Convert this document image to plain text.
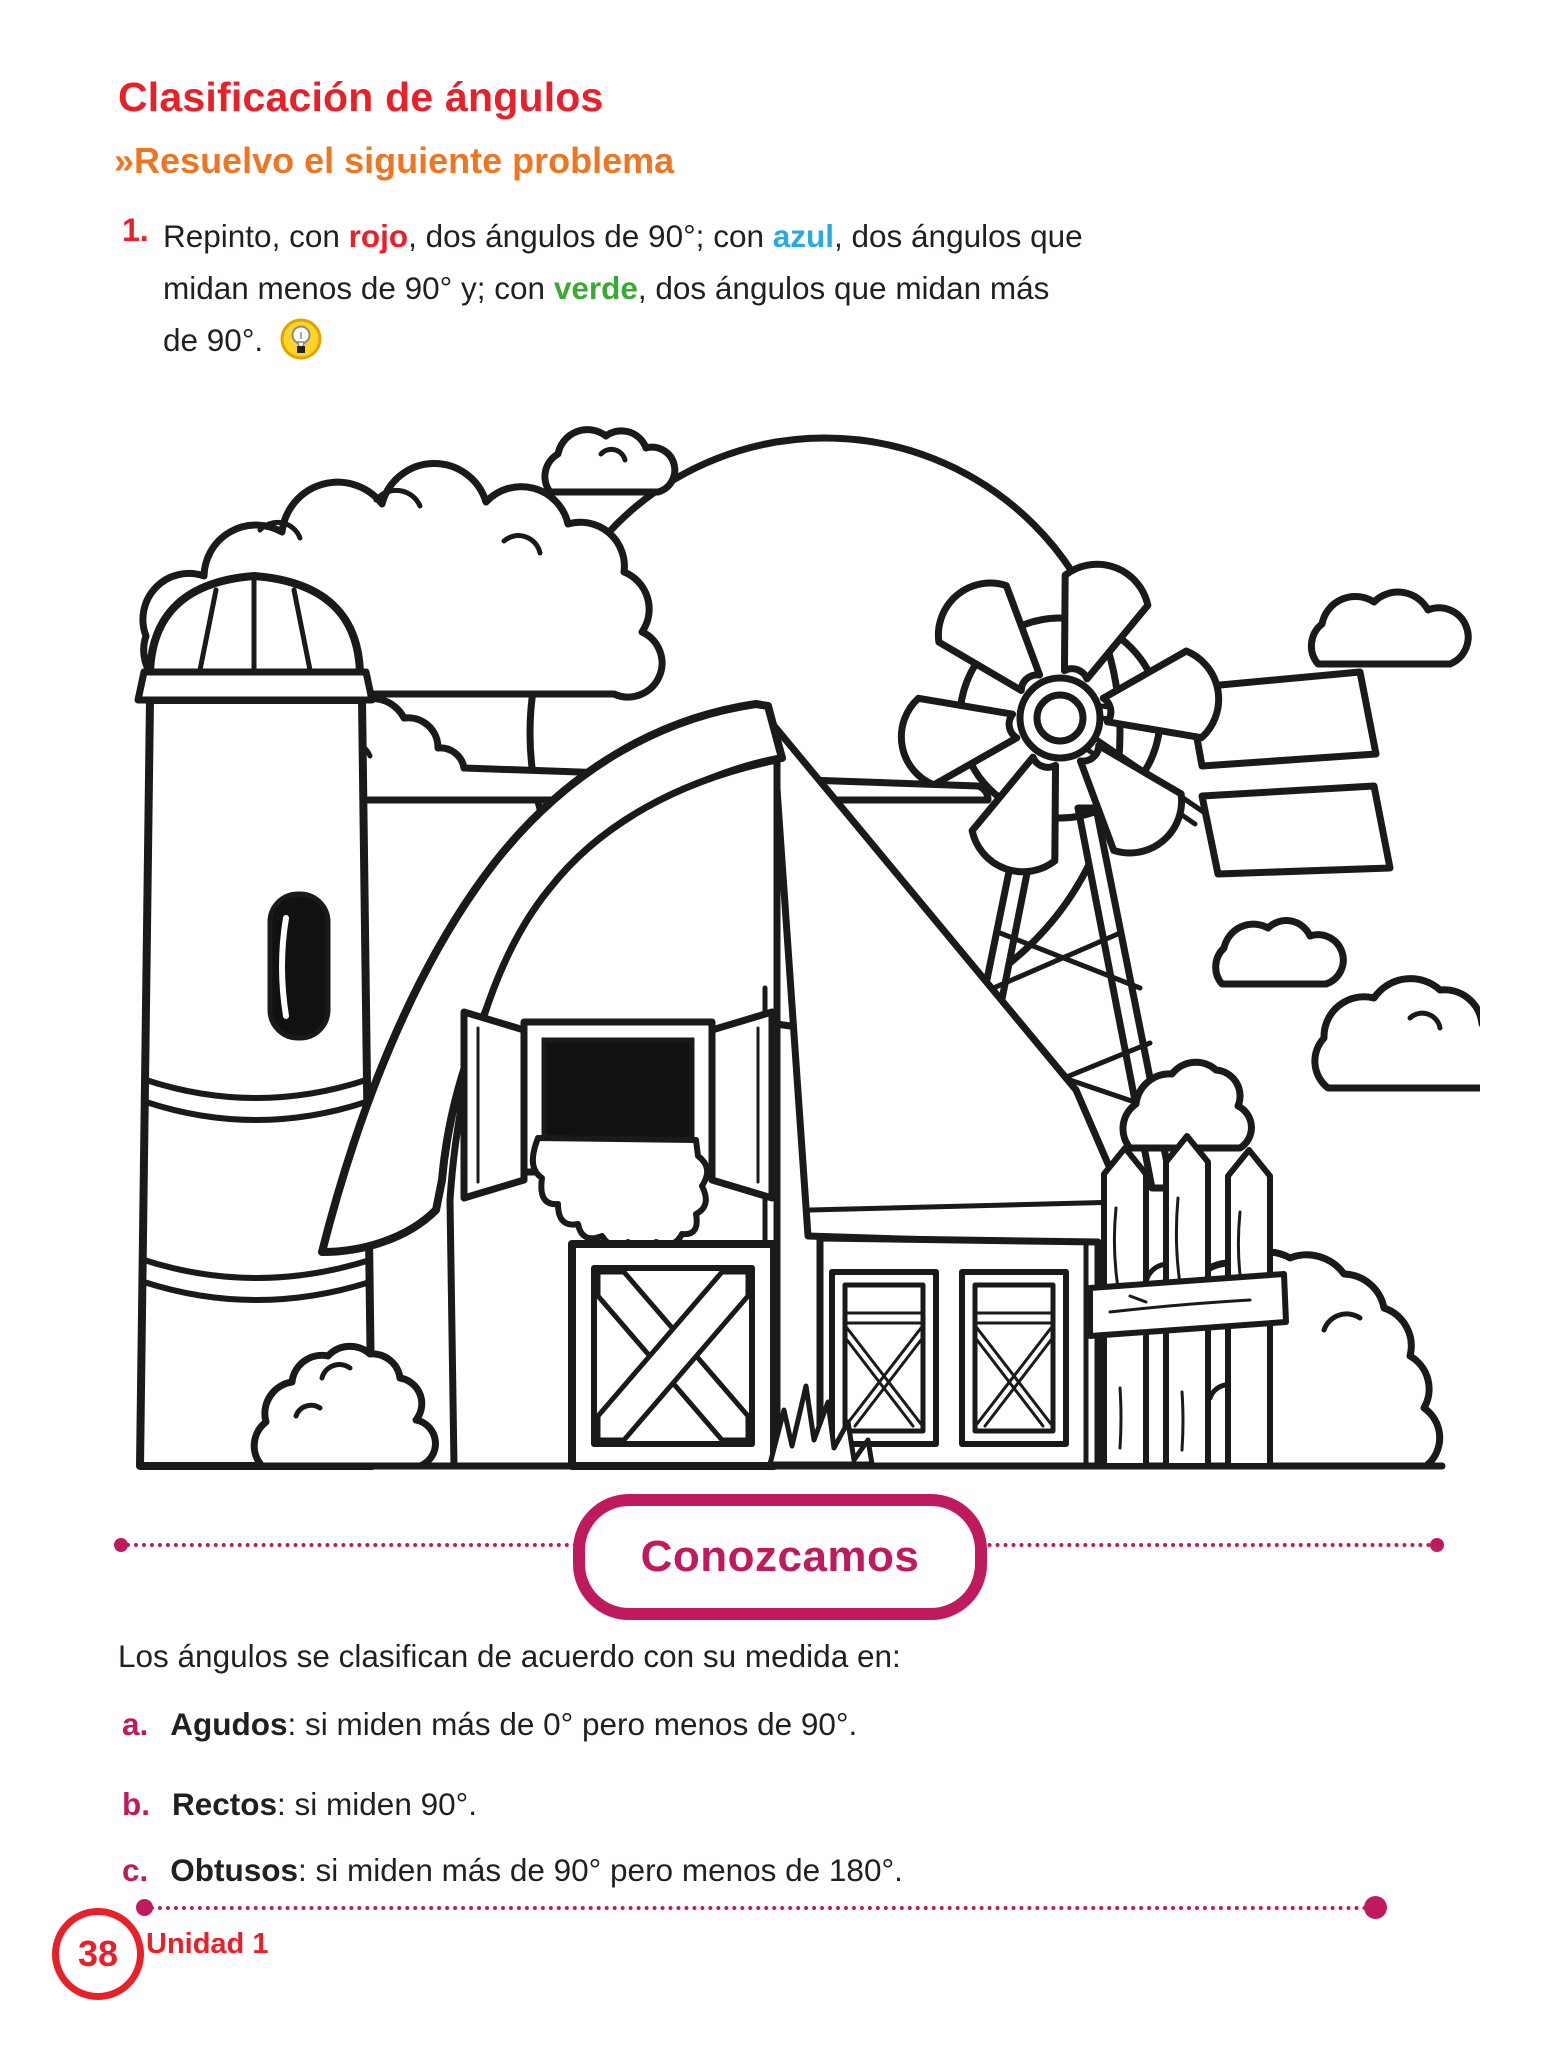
Clasificación de ángulos
»Resuelvo el siguiente problema
1. Repinto, con rojo, dos ángulos de 90°; con azul, dos ángulos que
midan menos de 90° y; con verde, dos ángulos que midan más
de 90°.
Conozcamos
Los ángulos se clasifican de acuerdo con su medida en:
a. Agudos: si miden más de 0° pero menos de 90°.
b. Rectos: si miden 90°.
c. Obtusos: si miden más de 90° pero menos de 180°.
38 Unidad 1
